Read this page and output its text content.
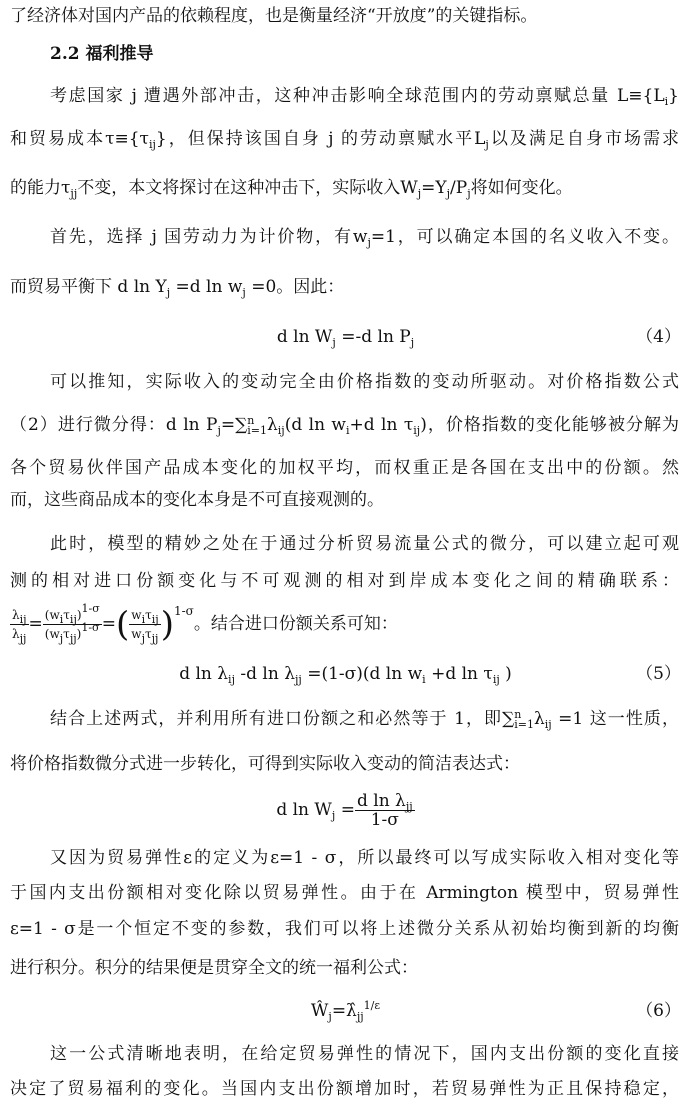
了经济体对国内产品的依赖程度，也是衡量经济“开放度”的关键指标。
2.2 福利推导
考虑国家 j 遭遇外部冲击，这种冲击影响全球范围内的劳动禀赋总量 $L\equiv\{L_i\}$
和贸易成本$\tau\equiv\{\tau_{ij}\}$，但保持该国自身 j 的劳动禀赋水平$L_j$以及满足自身市场需求
的能力$\tau_{jj}$不变，本文将探讨在这种冲击下，实际收入$W_j=Y_j/P_j$将如何变化。
首先，选择 j 国劳动力为计价物，有$w_j=1$，可以确定本国的名义收入不变。
而贸易平衡下 d $\ln Y_j =d$ $\ln w_j =0$。因此：
d $\ln W_j =-d$ $\ln P_j$	（4）
可以推知，实际收入的变动完全由价格指数的变动所驱动。对价格指数公式
（2）进行微分得：d $\ln P_j=\sum$ n
i=1 $\lambda_{ij}(d$ $\ln w_i+d$ $\ln \tau_{ij}$)，价格指数的变化能够被分解为
各个贸易伙伴国产品成本变化的加权平均，而权重正是各国在支出中的份额。然
而，这些商品成本的变化本身是不可直接观测的。
此时，模型的精妙之处在于通过分析贸易流量公式的微分，可以建立起可观
测的相对进口份额变化与不可观测的相对到岸成本变化之间的精确联系：
$\frac{\lambda_{ij}}{\lambda_{jj}} = \frac{(w_i\tau_{ij})^{1-\sigma}}{(w_j\tau_{jj})^{1-\sigma}}$ =( $\frac{w_i\tau_{ij}}{w_j\tau_{jj}} )^{1-\sigma}$。结合进口份额关系可知：
d $\ln \lambda_{ij}$ -d $\ln \lambda_{jj} =(1-\sigma)(d$ $\ln w_i +d$ $\ln \tau_{ij}$ )	（5）
结合上述两式，并利用所有进口份额之和必然等于 1，即∑ n
i=1 $\lambda_{ij} =1$ 这一性质，
将价格指数微分式进一步转化，可得到实际收入变动的简洁表达式：
d $\ln W_j = \frac{d \ln \lambda_{jj}}{1-\sigma}$
又因为贸易弹性ε的定义为ε=1 - σ，所以最终可以写成实际收入相对变化等
于国内支出份额相对变化除以贸易弹性。由于在 Armington 模型中，贸易弹性
ε=1 - σ是一个恒定不变的参数，我们可以将上述微分关系从初始均衡到新的均衡
进行积分。积分的结果便是贯穿全文的统一福利公式：
$Ŵ_j=\lambdâ_{jj}^{1/\varepsilon}$	（6）
这一公式清晰地表明，在给定贸易弹性的情况下，国内支出份额的变化直接
决定了贸易福利的变化。当国内支出份额增加时，若贸易弹性为正且保持稳定，
